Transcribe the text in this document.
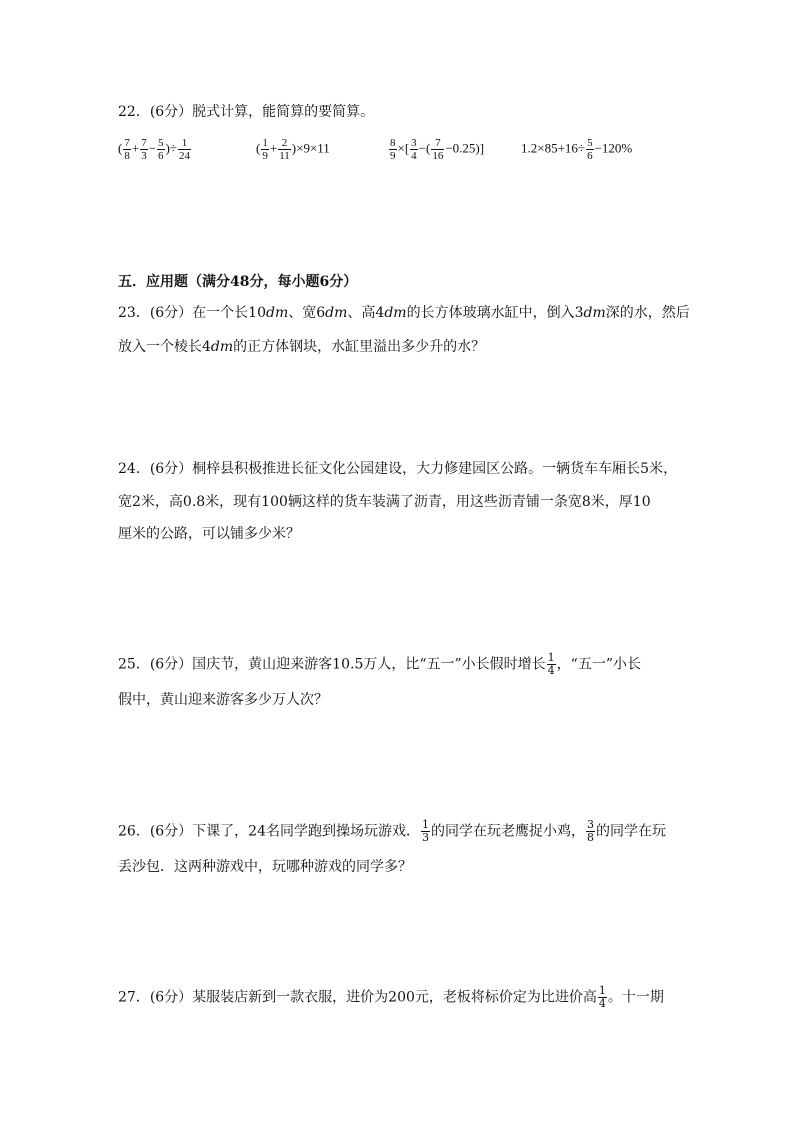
22．(6分）脱式计算，能简算的要简算。
( $\frac{7}{8} + \frac{7}{3} - \frac{5}{6}$ )÷ $\frac{1}{24}$	( $\frac{1}{9} + \frac{2}{11} )\times 9\times 11$	$\frac{8}{9}$ ×[ $\frac{3}{4}$ −( $\frac{7}{16} -0.25$)]	$1.2\times 85+16\div \frac{5}{6} -120\%$
五．应用题（满分48分，每小题6分）
23．(6分）在一个长10dm、宽6dm、高4dm的长方体玻璃水缸中，倒入3dm深的水，然后
放入一个棱长4dm的正方体钢块，水缸里溢出多少升的水？
24．(6分）桐梓县积极推进长征文化公园建设，大力修建园区公路。一辆货车车厢长5米，
宽2米，高0.8米，现有100辆这样的货车装满了沥青，用这些沥青铺一条宽8米，厚10
厘米的公路，可以铺多少米？
25．(6分）国庆节，黄山迎来游客10.5万人，比“五一”小长假时增长 $\frac{1}{4}$ ，“五一”小长
假中，黄山迎来游客多少万人次？
26．(6分）下课了，24名同学跑到操场玩游戏． $\frac{1}{3}$ 的同学在玩老鹰捉小鸡， $\frac{3}{8}$ 的同学在玩
丢沙包．这两种游戏中，玩哪种游戏的同学多？
27．(6分）某服装店新到一款衣服，进价为200元，老板将标价定为比进价高 $\frac{1}{4}$ 。十一期
